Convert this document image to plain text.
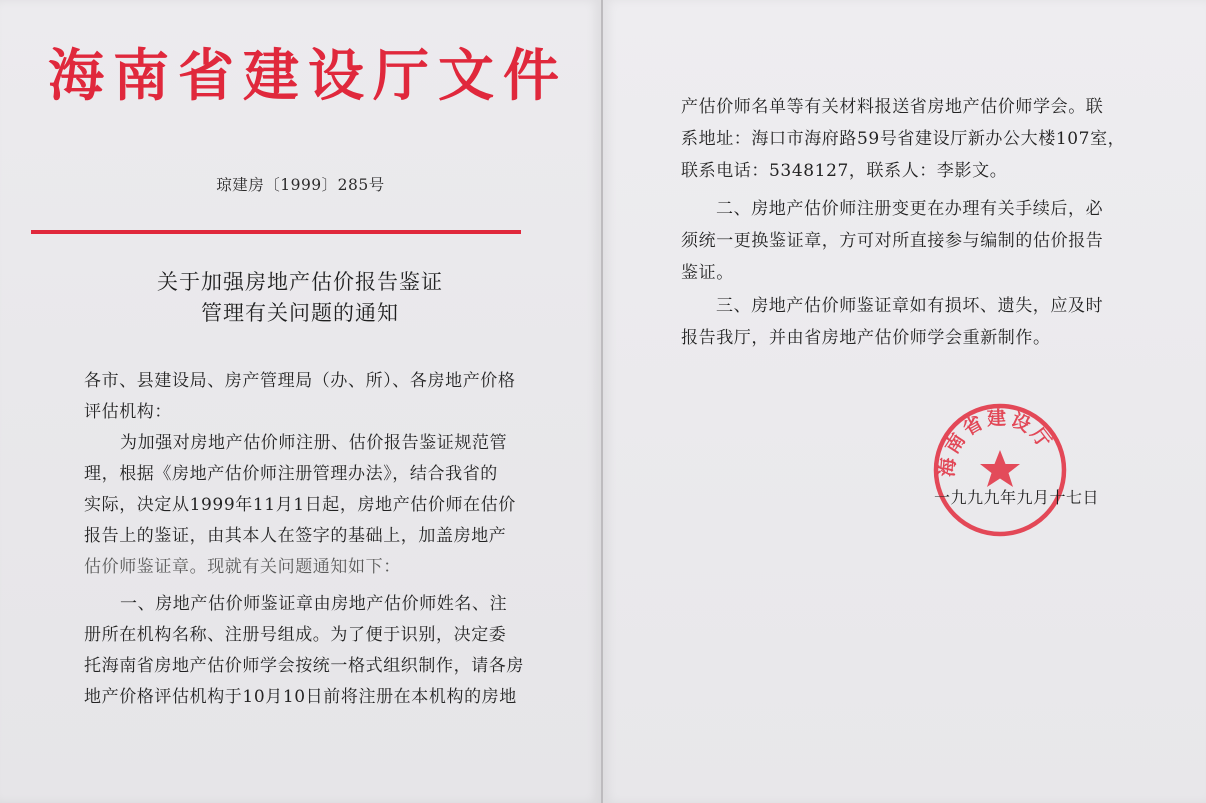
海南省建设厅文件
琼建房〔1999〕285号
关于加强房地产估价报告鉴证
管理有关问题的通知
各市、县建设局、房产管理局（办、所）、各房地产价格
评估机构：
为加强对房地产估价师注册、估价报告鉴证规范管
理，根据《房地产估价师注册管理办法》，结合我省的
实际，决定从1999年11月1日起，房地产估价师在估价
报告上的鉴证，由其本人在签字的基础上，加盖房地产
估价师鉴证章。现就有关问题通知如下：
一、房地产估价师鉴证章由房地产估价师姓名、注
册所在机构名称、注册号组成。为了便于识别，决定委
托海南省房地产估价师学会按统一格式组织制作，请各房
地产价格评估机构于10月10日前将注册在本机构的房地
产估价师名单等有关材料报送省房地产估价师学会。联
系地址：海口市海府路59号省建设厅新办公大楼107室，
联系电话：5348127，联系人：李影文。
二、房地产估价师注册变更在办理有关手续后，必
须统一更换鉴证章，方可对所直接参与编制的估价报告
鉴证。
三、房地产估价师鉴证章如有损坏、遗失，应及时
报告我厅，并由省房地产估价师学会重新制作。
海南省建设厅
一九九九年九月十七日
